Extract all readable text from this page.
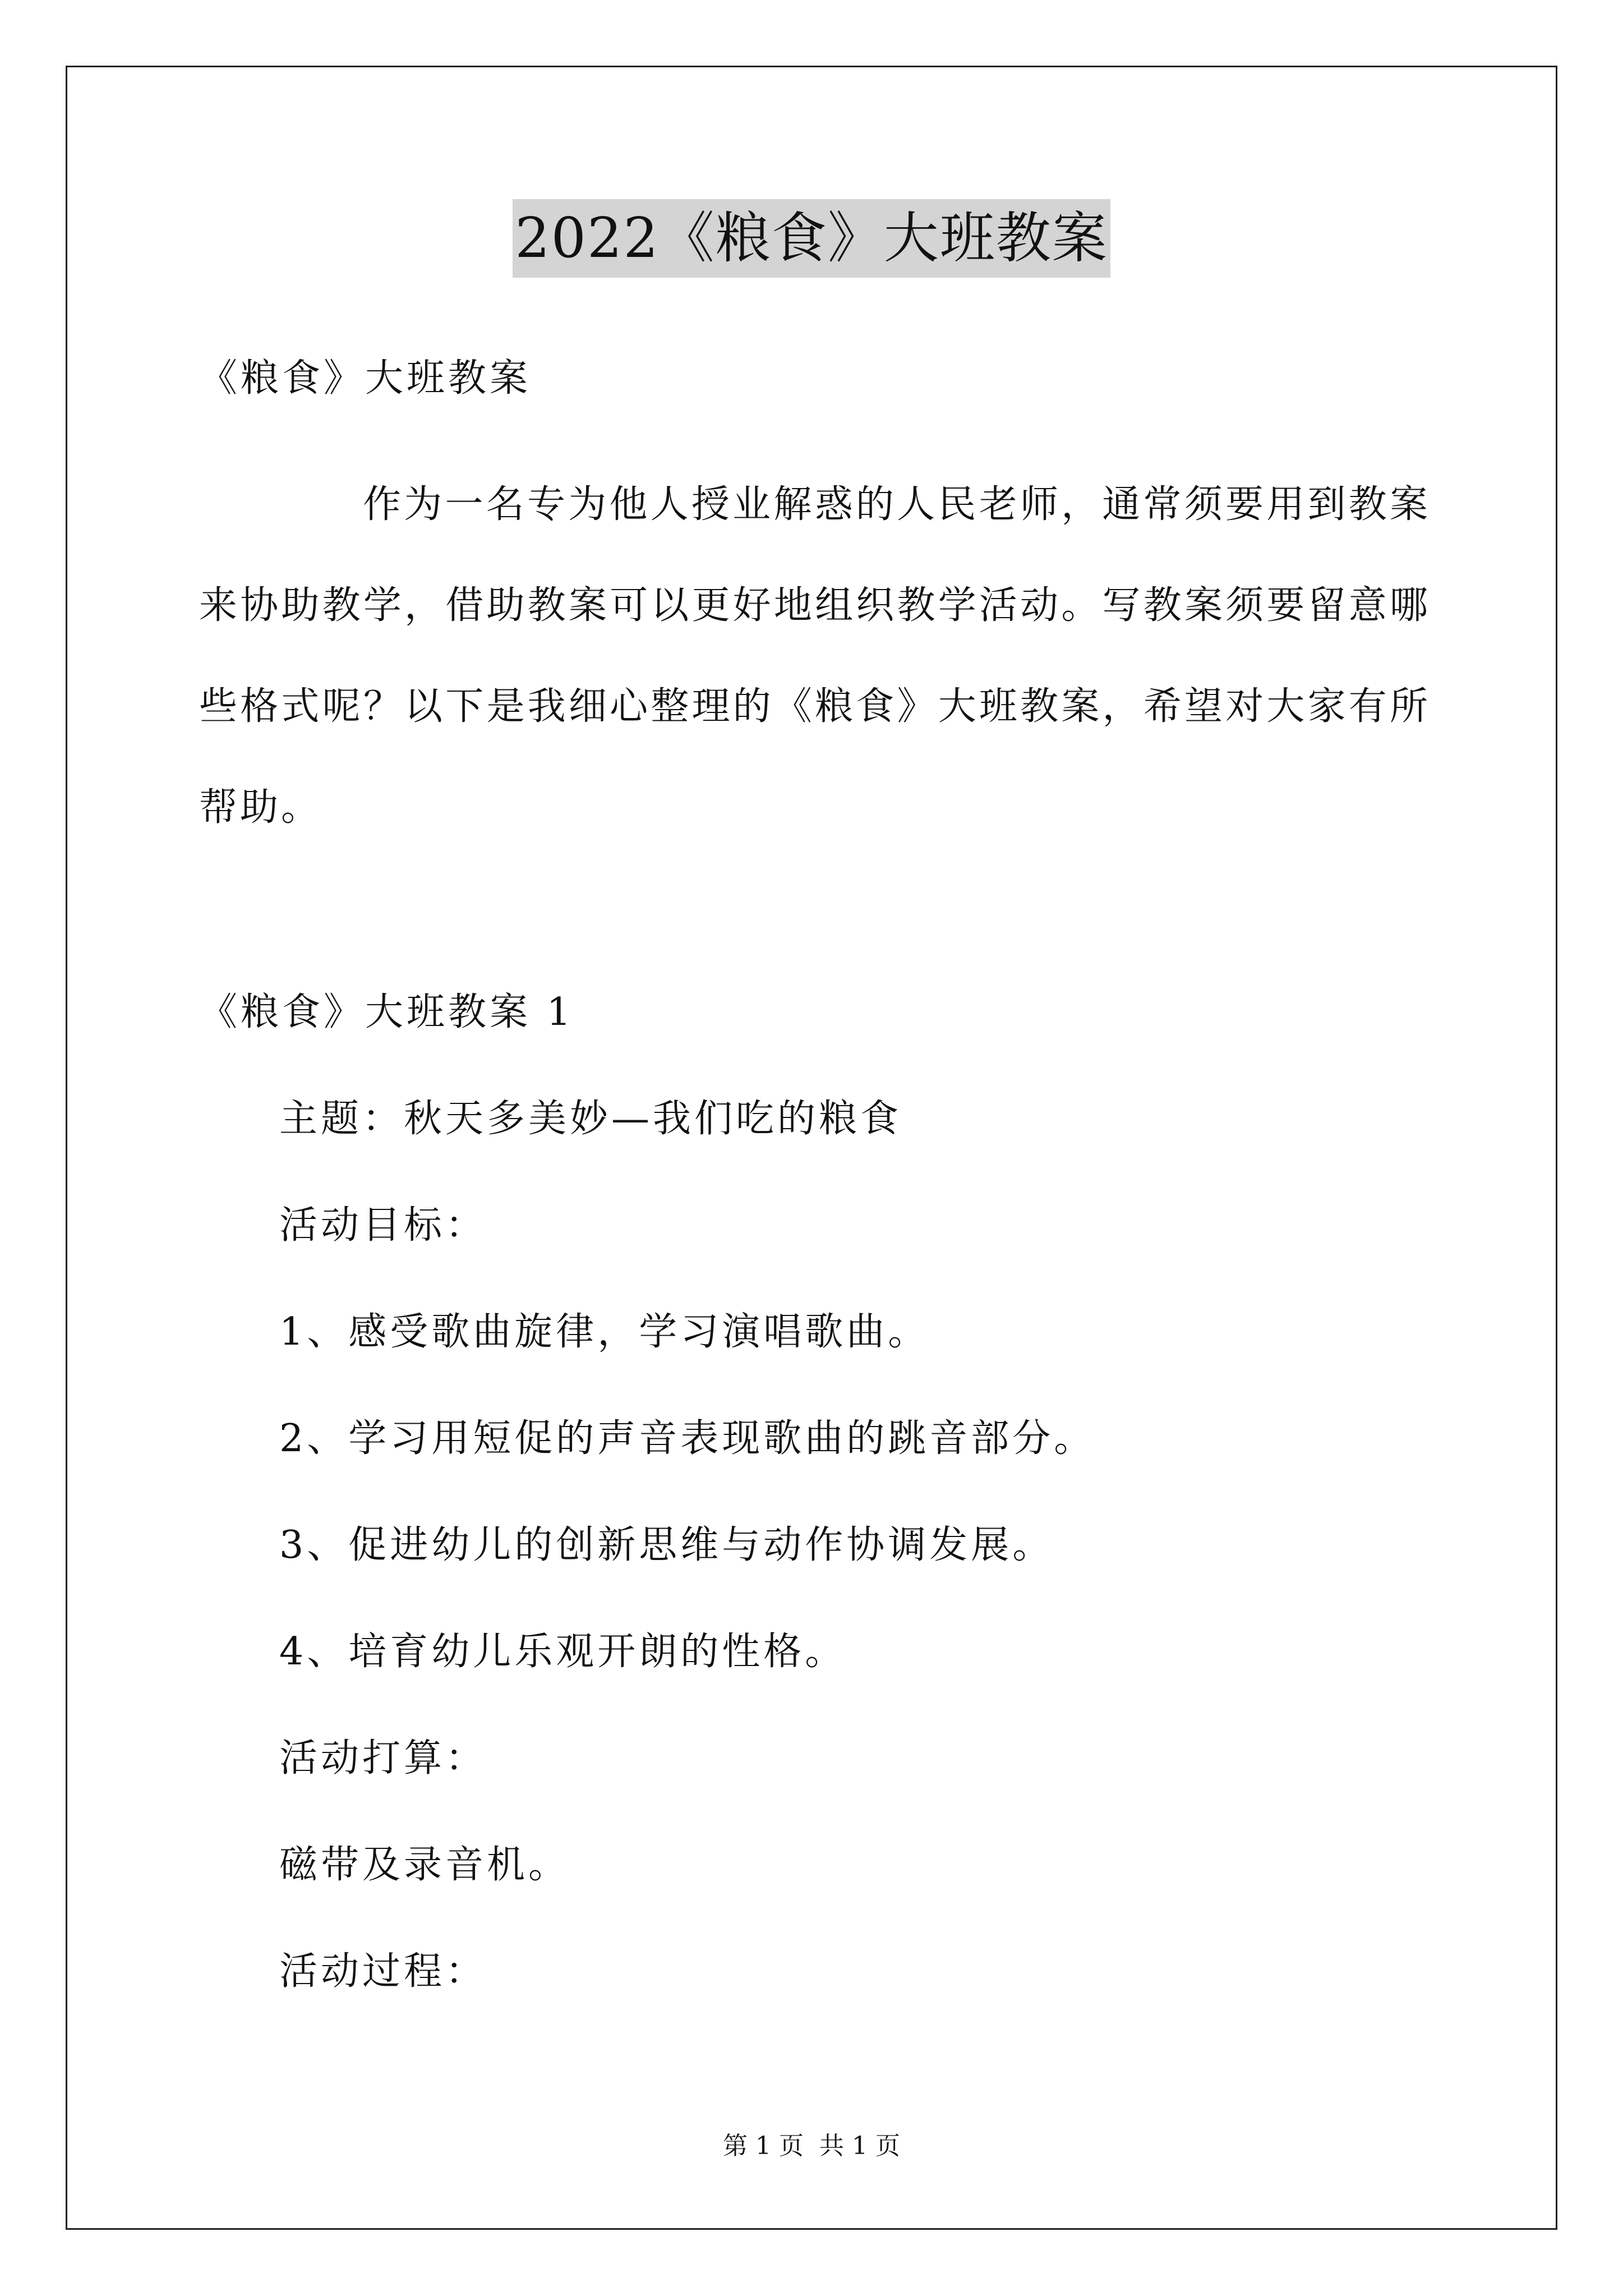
2022《粮食》大班教案
《粮食》大班教案
作为一名专为他人授业解惑的人民老师，通常须要用到教案来协助教学，借助教案可以更好地组织教学活动。写教案须要留意哪些格式呢？以下是我细心整理的《粮食》大班教案，希望对大家有所帮助。
《粮食》大班教案 1
主题：秋天多美妙—我们吃的粮食
活动目标：
1、感受歌曲旋律，学习演唱歌曲。
2、学习用短促的声音表现歌曲的跳音部分。
3、促进幼儿的创新思维与动作协调发展。
4、培育幼儿乐观开朗的性格。
活动打算：
磁带及录音机。
活动过程：
第 1 页 共 1 页
